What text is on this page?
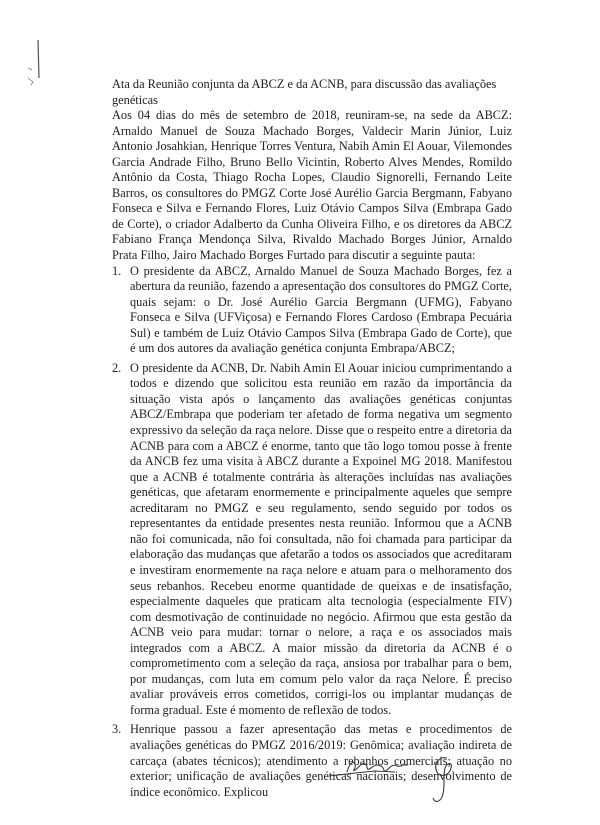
Ata da Reunião conjunta da ABCZ e da ACNB, para discussão das avaliações genéticas

Aos 04 dias do mês de setembro de 2018, reuniram-se, na sede da ABCZ: Arnaldo Manuel de Souza Machado Borges, Valdecir Marin Júnior, Luiz Antonio Josahkian, Henrique Torres Ventura, Nabih Amin El Aouar, Vilemondes Garcia Andrade Filho, Bruno Bello Vicintin, Roberto Alves Mendes, Romildo Antônio da Costa, Thiago Rocha Lopes, Claudio Signorelli, Fernando Leite Barros, os consultores do PMGZ Corte José Aurélio Garcia Bergmann, Fabyano Fonseca e Silva e Fernando Flores, Luiz Otávio Campos Silva (Embrapa Gado de Corte), o criador Adalberto da Cunha Oliveira Filho, e os diretores da ABCZ Fabiano França Mendonça Silva, Rivaldo Machado Borges Júnior, Arnaldo Prata Filho, Jairo Machado Borges Furtado para discutir a seguinte pauta:

1. O presidente da ABCZ, Arnaldo Manuel de Souza Machado Borges, fez a abertura da reunião, fazendo a apresentação dos consultores do PMGZ Corte, quais sejam: o Dr. José Aurélio Garcia Bergmann (UFMG), Fabyano Fonseca e Silva (UFViçosa) e Fernando Flores Cardoso (Embrapa Pecuária Sul) e também de Luiz Otávio Campos Silva (Embrapa Gado de Corte), que é um dos autores da avaliação genética conjunta Embrapa/ABCZ;
2. O presidente da ACNB, Dr. Nabih Amin El Aouar iniciou cumprimentando a todos e dizendo que solicitou esta reunião em razão da importância da situação vista após o lançamento das avaliações genéticas conjuntas ABCZ/Embrapa que poderiam ter afetado de forma negativa um segmento expressivo da seleção da raça nelore. Disse que o respeito entre a diretoria da ACNB para com a ABCZ é enorme, tanto que tão logo tomou posse à frente da ANCB fez uma visita à ABCZ durante a Expoinel MG 2018. Manifestou que a ACNB é totalmente contrária às alterações incluídas nas avaliações genéticas, que afetaram enormemente e principalmente aqueles que sempre acreditaram no PMGZ e seu regulamento, sendo seguido por todos os representantes da entidade presentes nesta reunião. Informou que a ACNB não foi comunicada, não foi consultada, não foi chamada para participar da elaboração das mudanças que afetarão a todos os associados que acreditaram e investiram enormemente na raça nelore e atuam para o melhoramento dos seus rebanhos. Recebeu enorme quantidade de queixas e de insatisfação, especialmente daqueles que praticam alta tecnologia (especialmente FIV) com desmotivação de continuidade no negócio. Afirmou que esta gestão da ACNB veio para mudar: tornar o nelore, a raça e os associados mais integrados com a ABCZ. A maior missão da diretoria da ACNB é o comprometimento com a seleção da raça, ansiosa por trabalhar para o bem, por mudanças, com luta em comum pelo valor da raça Nelore. É preciso avaliar prováveis erros cometidos, corrigi-los ou implantar mudanças de forma gradual. Este é momento de reflexão de todos.
3. Henrique passou a fazer apresentação das metas e procedimentos de avaliações genéticas do PMGZ 2016/2019: Genômica; avaliação indireta de carcaça (abates técnicos); atendimento a rebanhos comerciais; atuação no exterior; unificação de avaliações genéticas nacionais; desenvolvimento de índice econômico. Explicou
